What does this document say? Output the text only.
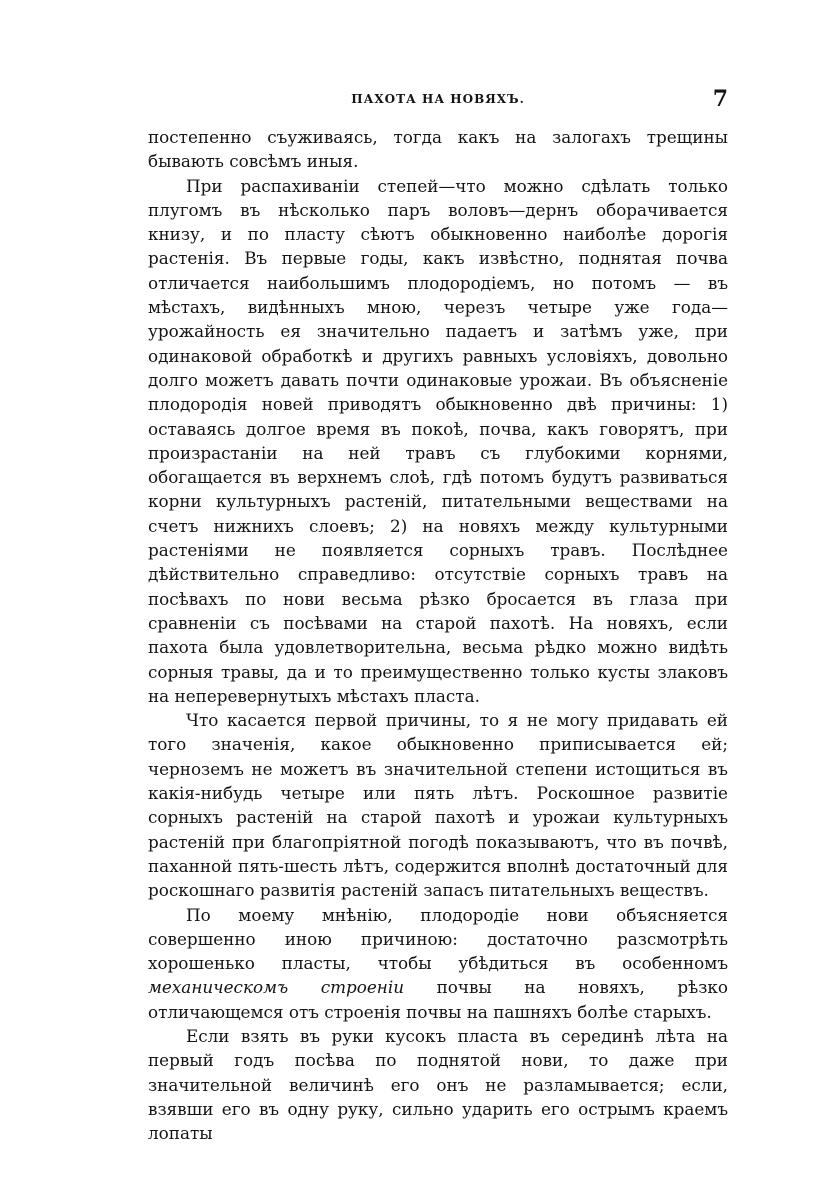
ПАХОТА НА НОВЯХЪ.	7

постепенно съуживаясь, тогда какъ на залогахъ трещины бывають совсѣмъ иныя.

При распахиванiи степей—что можно сдѣлать только плугомъ въ нѣсколько паръ воловъ—дернъ оборачивается книзу, и по пласту сѣютъ обыкновенно наиболѣе дорогiя растенiя. Въ первые годы, какъ извѣстно, поднятая почва отличается наибольшимъ плодородiемъ, но потомъ — въ мѣстахъ, видѣнныхъ мною, черезъ четыре уже года—урожайность ея значительно падаетъ и затѣмъ уже, при одинаковой обработкѣ и другихъ равныхъ условiяхъ, довольно долго можетъ давать почти одинаковые урожаи. Въ объясненiе плодородiя новей приводятъ обыкновенно двѣ причины: 1) оставаясь долгое время въ покоѣ, почва, какъ говорятъ, при произрастанiи на ней травъ съ глубокими корнями, обогащается въ верхнемъ слоѣ, гдѣ потомъ будутъ развиваться корни культурныхъ растенiй, питательными веществами на счетъ нижнихъ слоевъ; 2) на новяхъ между культурными растенiями не появляется сорныхъ травъ. Послѣднее дѣйствительно справедливо: отсутствiе сорныхъ травъ на посѣвахъ по нови весьма рѣзко бросается въ глаза при сравненiи съ посѣвами на старой пахотѣ. На новяхъ, если пахота была удовлетворительна, весьма рѣдко можно видѣть сорныя травы, да и то преимущественно только кусты злаковъ на неперевернутыхъ мѣстахъ пласта.

Что касается первой причины, то я не могу придавать ей того значенiя, какое обыкновенно приписывается ей; черноземъ не можетъ въ значительной степени истощиться въ какiя-нибудь четыре или пять лѣтъ. Роскошное развитiе сорныхъ растенiй на старой пахотѣ и урожаи культурныхъ растенiй при благопрiятной погодѣ показываютъ, что въ почвѣ, паханной пять-шесть лѣтъ, содержится вполнѣ достаточный для роскошнаго развитiя растенiй запасъ питательныхъ веществъ.

По моему мнѣнiю, плодородiе нови объясняется совершенно иною причиною: достаточно разсмотрѣть хорошенько пласты, чтобы убѣдиться въ особенномъ механическомъ строенiи почвы на новяхъ, рѣзко отличающемся отъ строенiя почвы на пашняхъ болѣе старыхъ.

Если взять въ руки кусокъ пласта въ серединѣ лѣта на первый годъ посѣва по поднятой нови, то даже при значительной величинѣ его онъ не разламывается; если, взявши его въ одну руку, сильно ударить его острымъ краемъ лопаты
